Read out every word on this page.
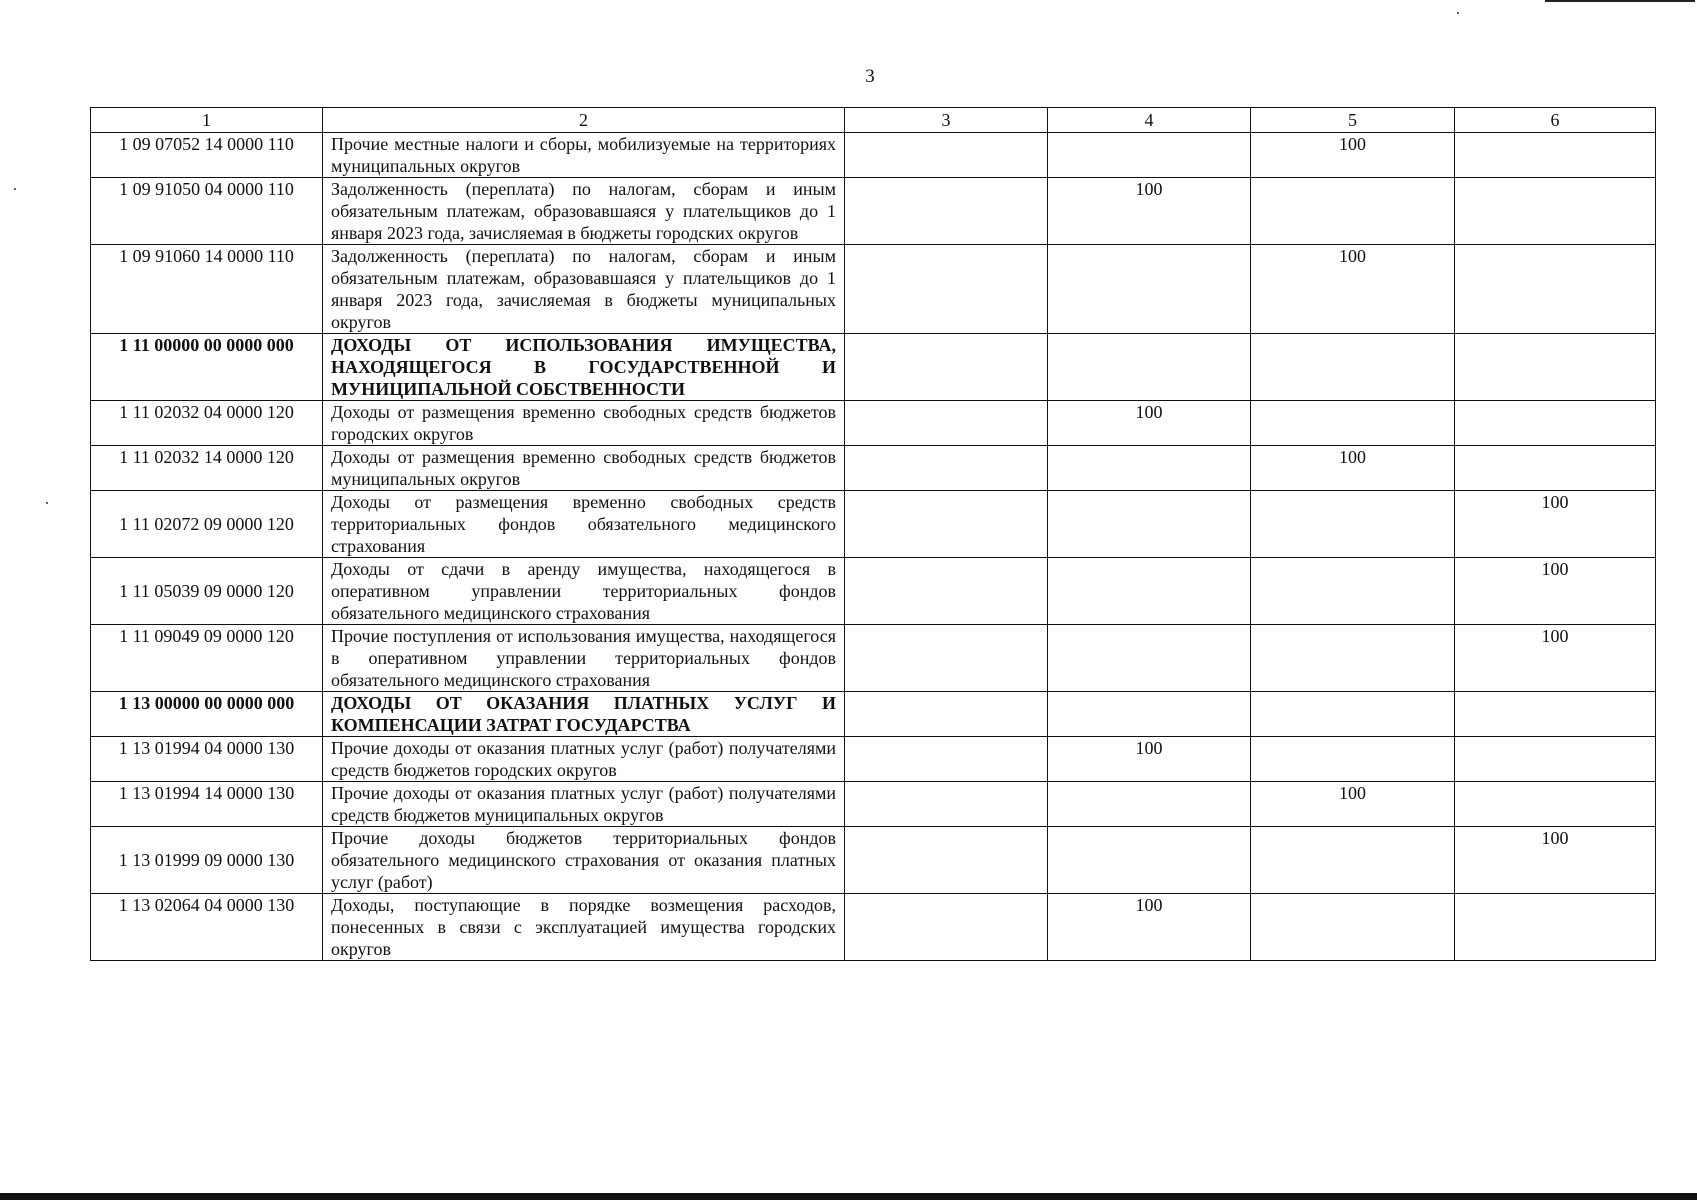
3
1	2	3	4	5	6
1 09 07052 14 0000 110	Прочие местные налоги и сборы, мобилизуемые на территориях муниципальных округов			100	
1 09 91050 04 0000 110	Задолженность (переплата) по налогам, сборам и иным обязательным платежам, образовавшаяся у плательщиков до 1 января 2023 года, зачисляемая в бюджеты городских округов		100		
1 09 91060 14 0000 110	Задолженность (переплата) по налогам, сборам и иным обязательным платежам, образовавшаяся у плательщиков до 1 января 2023 года, зачисляемая в бюджеты муниципальных округов			100	
1 11 00000 00 0000 000	ДОХОДЫ ОТ ИСПОЛЬЗОВАНИЯ ИМУЩЕСТВА, НАХОДЯЩЕГОСЯ В ГОСУДАРСТВЕННОЙ И МУНИЦИПАЛЬНОЙ СОБСТВЕННОСТИ				
1 11 02032 04 0000 120	Доходы от размещения временно свободных средств бюджетов городских округов		100		
1 11 02032 14 0000 120	Доходы от размещения временно свободных средств бюджетов муниципальных округов			100	
1 11 02072 09 0000 120	Доходы от размещения временно свободных средств территориальных фондов обязательного медицинского страхования				100
1 11 05039 09 0000 120	Доходы от сдачи в аренду имущества, находящегося в оперативном управлении территориальных фондов обязательного медицинского страхования				100
1 11 09049 09 0000 120	Прочие поступления от использования имущества, находящегося в оперативном управлении территориальных фондов обязательного медицинского страхования				100
1 13 00000 00 0000 000	ДОХОДЫ ОТ ОКАЗАНИЯ ПЛАТНЫХ УСЛУГ И КОМПЕНСАЦИИ ЗАТРАТ ГОСУДАРСТВА				
1 13 01994 04 0000 130	Прочие доходы от оказания платных услуг (работ) получателями средств бюджетов городских округов		100		
1 13 01994 14 0000 130	Прочие доходы от оказания платных услуг (работ) получателями средств бюджетов муниципальных округов			100	
1 13 01999 09 0000 130	Прочие доходы бюджетов территориальных фондов обязательного медицинского страхования от оказания платных услуг (работ)				100
1 13 02064 04 0000 130	Доходы, поступающие в порядке возмещения расходов, понесенных в связи с эксплуатацией имущества городских округов		100		
